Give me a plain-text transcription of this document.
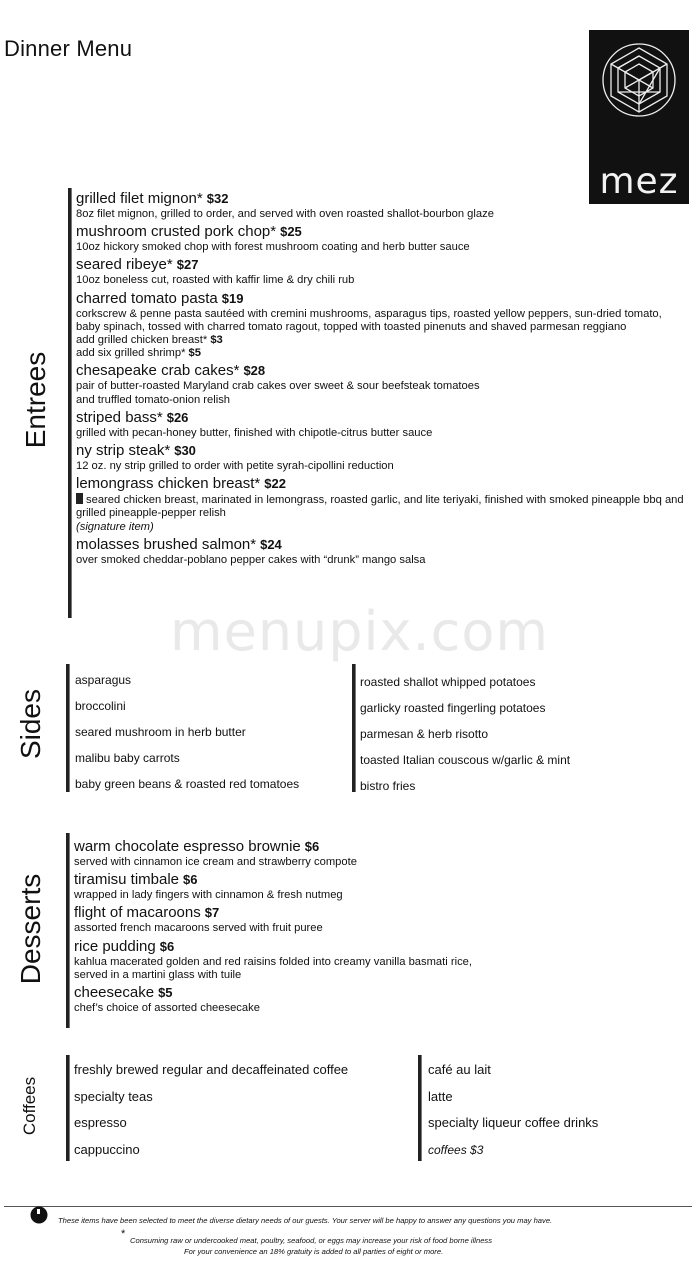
Dinner Menu
mez
menupix.com
Entrees
Sides
Desserts
Coffees
grilled filet mignon* $32
8oz filet mignon, grilled to order, and served with oven roasted shallot-bourbon glaze
mushroom crusted pork chop* $25
10oz hickory smoked chop with forest mushroom coating and herb butter sauce
seared ribeye* $27
10oz boneless cut, roasted with kaffir lime & dry chili rub
charred tomato pasta $19
corkscrew & penne pasta sautéed with cremini mushrooms, asparagus tips, roasted yellow peppers, sun-dried tomato, baby spinach, tossed with charred tomato ragout, topped with toasted pinenuts and shaved parmesan reggiano
add grilled chicken breast* $3
add six grilled shrimp* $5
chesapeake crab cakes* $28
pair of butter-roasted Maryland crab cakes over sweet & sour beefsteak tomatoes
and truffled tomato-onion relish
striped bass* $26
grilled with pecan-honey butter, finished with chipotle-citrus butter sauce
ny strip steak* $30
12 oz. ny strip grilled to order with petite syrah-cipollini reduction
lemongrass chicken breast* $22
seared chicken breast, marinated in lemongrass, roasted garlic, and lite teriyaki, finished with smoked pineapple bbq and grilled pineapple-pepper relish
(signature item)
molasses brushed salmon* $24
over smoked cheddar-poblano pepper cakes with “drunk” mango salsa
asparagus
broccolini
seared mushroom in herb butter
malibu baby carrots
baby green beans & roasted red tomatoes
roasted shallot whipped potatoes
garlicky roasted fingerling potatoes
parmesan & herb risotto
toasted Italian couscous w/garlic & mint
bistro fries
warm chocolate espresso brownie $6
served with cinnamon ice cream and strawberry compote
tiramisu timbale $6
wrapped in lady fingers with cinnamon & fresh nutmeg
flight of macaroons $7
assorted french macaroons served with fruit puree
rice pudding $6
kahlua macerated golden and red raisins folded into creamy vanilla basmati rice,
served in a martini glass with tuile
cheesecake $5
chef’s choice of assorted cheesecake
freshly brewed regular and decaffeinated coffee
specialty teas
espresso
cappuccino
café au lait
latte
specialty liqueur coffee drinks
coffees $3
These items have been selected to meet the diverse dietary needs of our guests. Your server will be happy to answer any questions you may have.
*
Consuming raw or undercooked meat, poultry, seafood, or eggs may increase your risk of food borne illness
For your convenience an 18% gratuity is added to all parties of eight or more.
